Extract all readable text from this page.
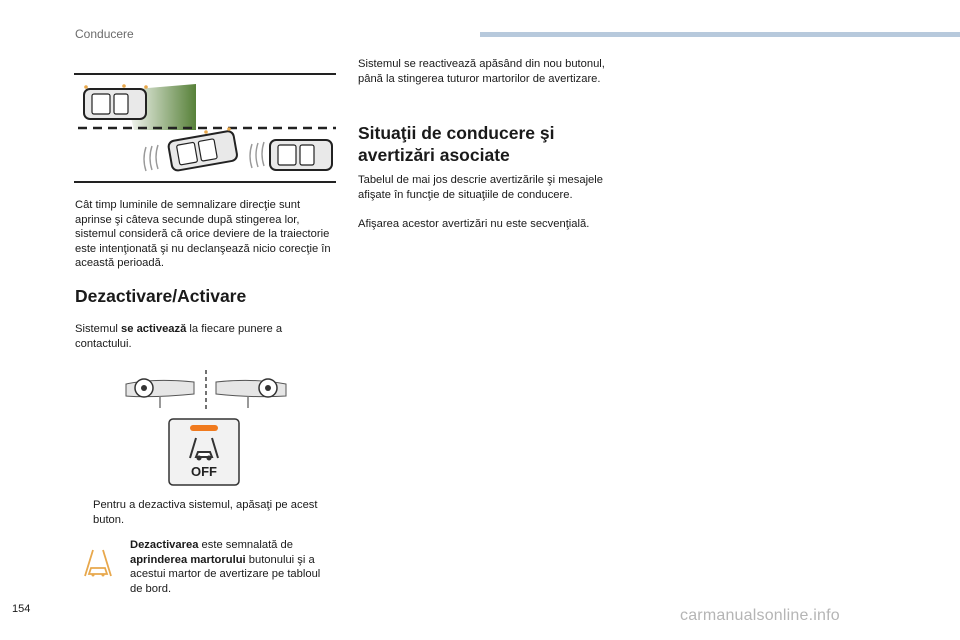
Conducere

Cât timp luminile de semnalizare direcţie sunt aprinse şi câteva secunde după stingerea lor, sistemul consideră că orice deviere de la traiectorie este intenţionată şi nu declanşează nicio corecţie în această perioadă.

Dezactivare/Activare

Sistemul se activează la fiecare punere a contactului.

OFF
Pentru a dezactiva sistemul, apăsaţi pe acest buton.

Dezactivarea este semnalată de aprinderea martorului butonului şi a acestui martor de avertizare pe tabloul de bord.

Sistemul se reactivează apăsând din nou butonul, până la stingerea tuturor martorilor de avertizare.

Situaţii de conducere şi avertizări asociate

Tabelul de mai jos descrie avertizările şi mesajele afişate în funcţie de situaţiile de conducere.

Afişarea acestor avertizări nu este secvenţială.

154	carmanualsonline.info
